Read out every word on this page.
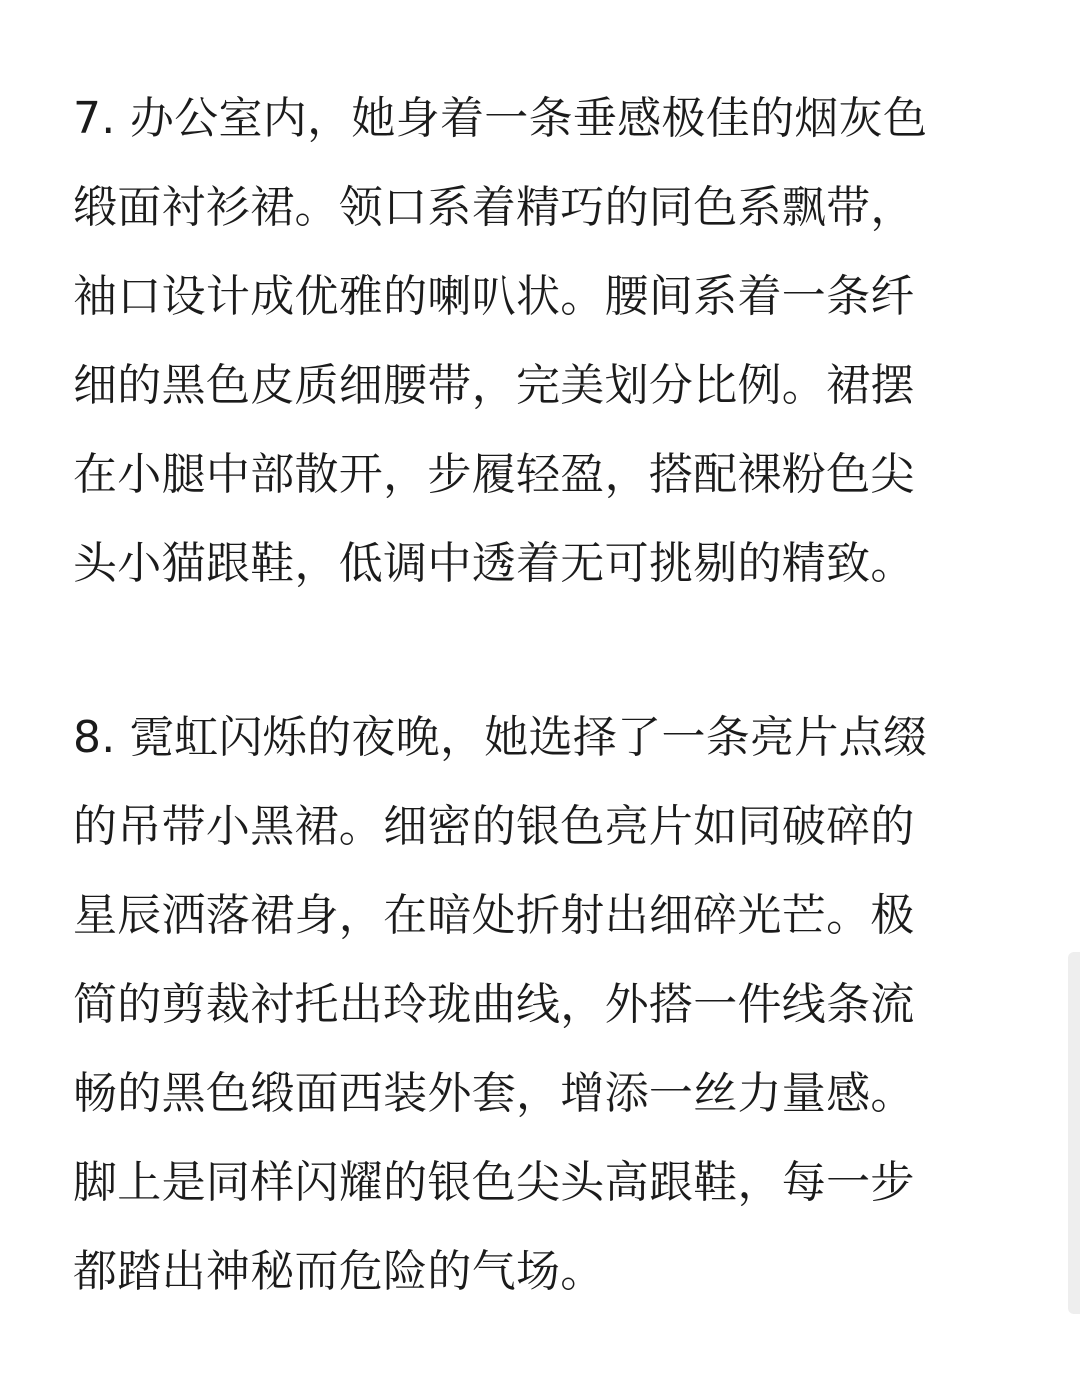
7. 办公室内，她身着一条垂感极佳的烟灰色
缎面衬衫裙。领口系着精巧的同色系飘带，
袖口设计成优雅的喇叭状。腰间系着一条纤
细的黑色皮质细腰带，完美划分比例。裙摆
在小腿中部散开，步履轻盈，搭配裸粉色尖
头小猫跟鞋，低调中透着无可挑剔的精致。

8. 霓虹闪烁的夜晚，她选择了一条亮片点缀
的吊带小黑裙。细密的银色亮片如同破碎的
星辰洒落裙身，在暗处折射出细碎光芒。极
简的剪裁衬托出玲珑曲线，外搭一件线条流
畅的黑色缎面西装外套，增添一丝力量感。
脚上是同样闪耀的银色尖头高跟鞋，每一步
都踏出神秘而危险的气场。
